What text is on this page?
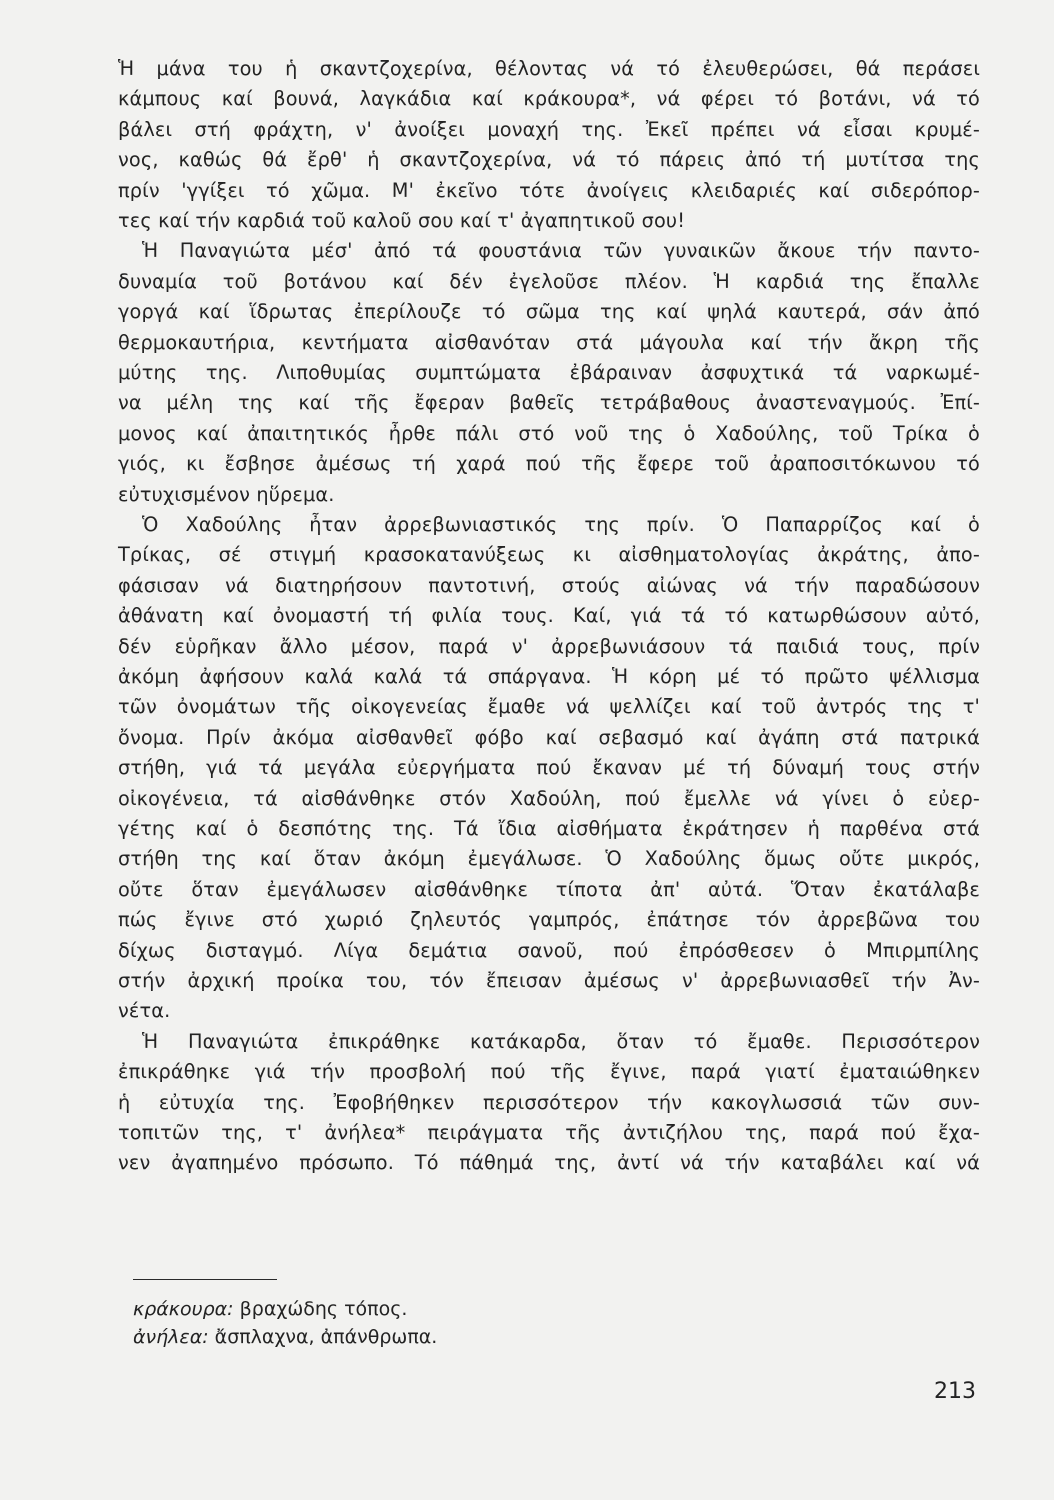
Ἡ μάνα του ἡ σκαντζοχερίνα, θέλοντας νά τό ἐλευθερώσει, θά περάσει
κάμπους καί βουνά, λαγκάδια καί κράκουρα*, νά φέρει τό βοτάνι, νά τό
βάλει στή φράχτη, ν' ἀνοίξει μοναχή της. Ἐκεῖ πρέπει νά εἶσαι κρυμέ-
νος, καθώς θά ἔρθ' ἡ σκαντζοχερίνα, νά τό πάρεις ἀπό τή μυτίτσα της
πρίν 'γγίξει τό χῶμα. Μ' ἐκεῖνο τότε ἀνοίγεις κλειδαριές καί σιδερόπορ-
τες καί τήν καρδιά τοῦ καλοῦ σου καί τ' ἀγαπητικοῦ σου!
Ἡ Παναγιώτα μέσ' ἀπό τά φουστάνια τῶν γυναικῶν ἄκουε τήν παντο-
δυναμία τοῦ βοτάνου καί δέν ἐγελοῦσε πλέον. Ἡ καρδιά της ἔπαλλε
γοργά καί ἵδρωτας ἐπερίλουζε τό σῶμα της καί ψηλά καυτερά, σάν ἀπό
θερμοκαυτήρια, κεντήματα αἰσθανόταν στά μάγουλα καί τήν ἄκρη τῆς
μύτης της. Λιποθυμίας συμπτώματα ἐβάραιναν ἀσφυχτικά τά ναρκωμέ-
να μέλη της καί τῆς ἔφεραν βαθεῖς τετράβαθους ἀναστεναγμούς. Ἐπί-
μονος καί ἀπαιτητικός ἦρθε πάλι στό νοῦ της ὁ Χαδούλης, τοῦ Τρίκα ὁ
γιός, κι ἔσβησε ἀμέσως τή χαρά πού τῆς ἔφερε τοῦ ἀραποσιτόκωνου τό
εὐτυχισμένον ηὕρεμα.
Ὁ Χαδούλης ἦταν ἀρρεβωνιαστικός της πρίν. Ὁ Παπαρρίζος καί ὁ
Τρίκας, σέ στιγμή κρασοκατανύξεως κι αἰσθηματολογίας ἀκράτης, ἀπο-
φάσισαν νά διατηρήσουν παντοτινή, στούς αἰώνας νά τήν παραδώσουν
ἀθάνατη καί ὀνομαστή τή φιλία τους. Καί, γιά τά τό κατωρθώσουν αὐτό,
δέν εὑρῆκαν ἄλλο μέσον, παρά ν' ἀρρεβωνιάσουν τά παιδιά τους, πρίν
ἀκόμη ἀφήσουν καλά καλά τά σπάργανα. Ἡ κόρη μέ τό πρῶτο ψέλλισμα
τῶν ὀνομάτων τῆς οἰκογενείας ἔμαθε νά ψελλίζει καί τοῦ ἀντρός της τ'
ὄνομα. Πρίν ἀκόμα αἰσθανθεῖ φόβο καί σεβασμό καί ἀγάπη στά πατρικά
στήθη, γιά τά μεγάλα εὐεργήματα πού ἔκαναν μέ τή δύναμή τους στήν
οἰκογένεια, τά αἰσθάνθηκε στόν Χαδούλη, πού ἔμελλε νά γίνει ὁ εὐερ-
γέτης καί ὁ δεσπότης της. Τά ἴδια αἰσθήματα ἐκράτησεν ἡ παρθένα στά
στήθη της καί ὅταν ἀκόμη ἐμεγάλωσε. Ὁ Χαδούλης ὅμως οὔτε μικρός,
οὔτε ὅταν ἐμεγάλωσεν αἰσθάνθηκε τίποτα ἀπ' αὐτά. Ὅταν ἐκατάλαβε
πώς ἔγινε στό χωριό ζηλευτός γαμπρός, ἐπάτησε τόν ἀρρεβῶνα του
δίχως δισταγμό. Λίγα δεμάτια σανοῦ, πού ἐπρόσθεσεν ὁ Μπιρμπίλης
στήν ἀρχική προίκα του, τόν ἔπεισαν ἀμέσως ν' ἀρρεβωνιασθεῖ τήν Ἀν-
νέτα.
Ἡ Παναγιώτα ἐπικράθηκε κατάκαρδα, ὅταν τό ἔμαθε. Περισσότερον
ἐπικράθηκε γιά τήν προσβολή πού τῆς ἔγινε, παρά γιατί ἐματαιώθηκεν
ἡ εὐτυχία της. Ἐφοβήθηκεν περισσότερον τήν κακογλωσσιά τῶν συν-
τοπιτῶν της, τ' ἀνήλεα* πειράγματα τῆς ἀντιζήλου της, παρά πού ἔχα-
νεν ἀγαπημένο πρόσωπο. Τό πάθημά της, ἀντί νά τήν καταβάλει καί νά
κράκουρα: βραχώδης τόπος.
ἀνήλεα: ἄσπλαχνα, ἀπάνθρωπα.
213
